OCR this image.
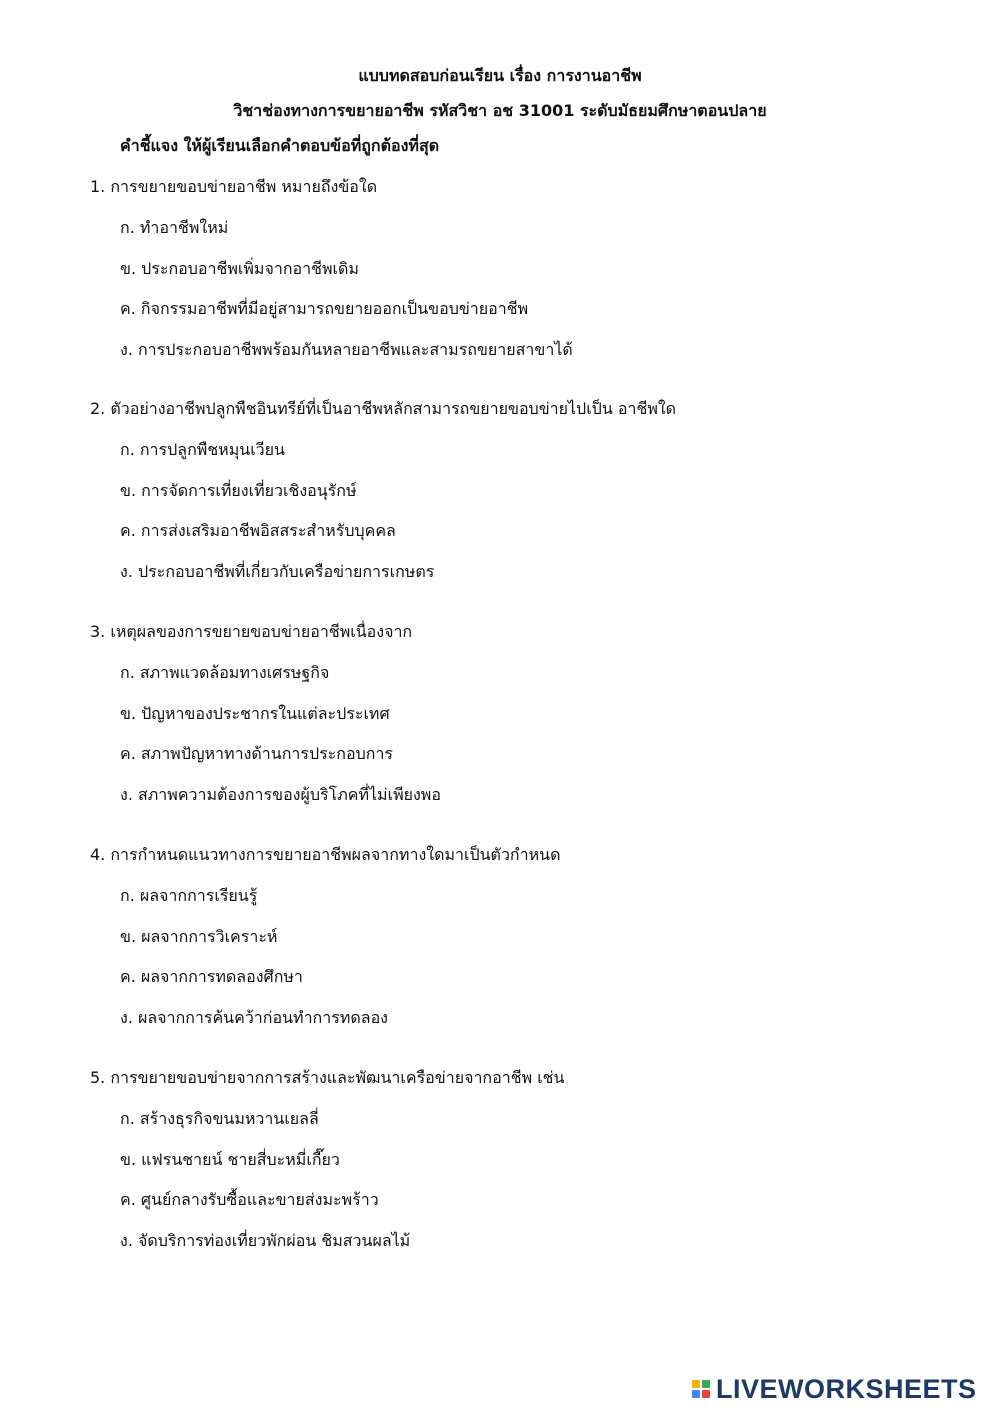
แบบทดสอบก่อนเรียน เรื่อง การงานอาชีพ
วิชาช่องทางการขยายอาชีพ รหัสวิชา อช 31001 ระดับมัธยมศึกษาตอนปลาย
คำชี้แจง ให้ผู้เรียนเลือกคำตอบข้อที่ถูกต้องที่สุด
1. การขยายขอบข่ายอาชีพ หมายถึงข้อใด
ก. ทำอาชีพใหม่
ข. ประกอบอาชีพเพิ่มจากอาชีพเดิม
ค. กิจกรรมอาชีพที่มีอยู่สามารถขยายออกเป็นขอบข่ายอาชีพ
ง. การประกอบอาชีพพร้อมกันหลายอาชีพและสามรถขยายสาขาได้
2. ตัวอย่างอาชีพปลูกพืชอินทรีย์ที่เป็นอาชีพหลักสามารถขยายขอบข่ายไปเป็น อาชีพใด
ก. การปลูกพืชหมุนเวียน
ข. การจัดการเที่ยงเที่ยวเชิงอนุรักษ์
ค. การส่งเสริมอาชีพอิสสระสำหรับบุคคล
ง. ประกอบอาชีพที่เกี่ยวกับเครือข่ายการเกษตร
3. เหตุผลของการขยายขอบข่ายอาชีพเนื่องจาก
ก. สภาพแวดล้อมทางเศรษฐกิจ
ข. ปัญหาของประชากรในแต่ละประเทศ
ค. สภาพปัญหาทางด้านการประกอบการ
ง. สภาพความต้องการของผู้บริโภคที่ไม่เพียงพอ
4. การกำหนดแนวทางการขยายอาชีพผลจากทางใดมาเป็นตัวกำหนด
ก. ผลจากการเรียนรู้
ข. ผลจากการวิเคราะห์
ค. ผลจากการทดลองศึกษา
ง. ผลจากการค้นคว้าก่อนทำการทดลอง
5. การขยายขอบข่ายจากการสร้างและพัฒนาเครือข่ายจากอาชีพ เช่น
ก. สร้างธุรกิจขนมหวานเยลลี่
ข. แฟรนชายน์ ชายสี่บะหมี่เกี๊ยว
ค. ศูนย์กลางรับซื้อและขายส่งมะพร้าว
ง. จัดบริการท่องเที่ยวพักผ่อน ชิมสวนผลไม้
LIVEWORKSHEETS
